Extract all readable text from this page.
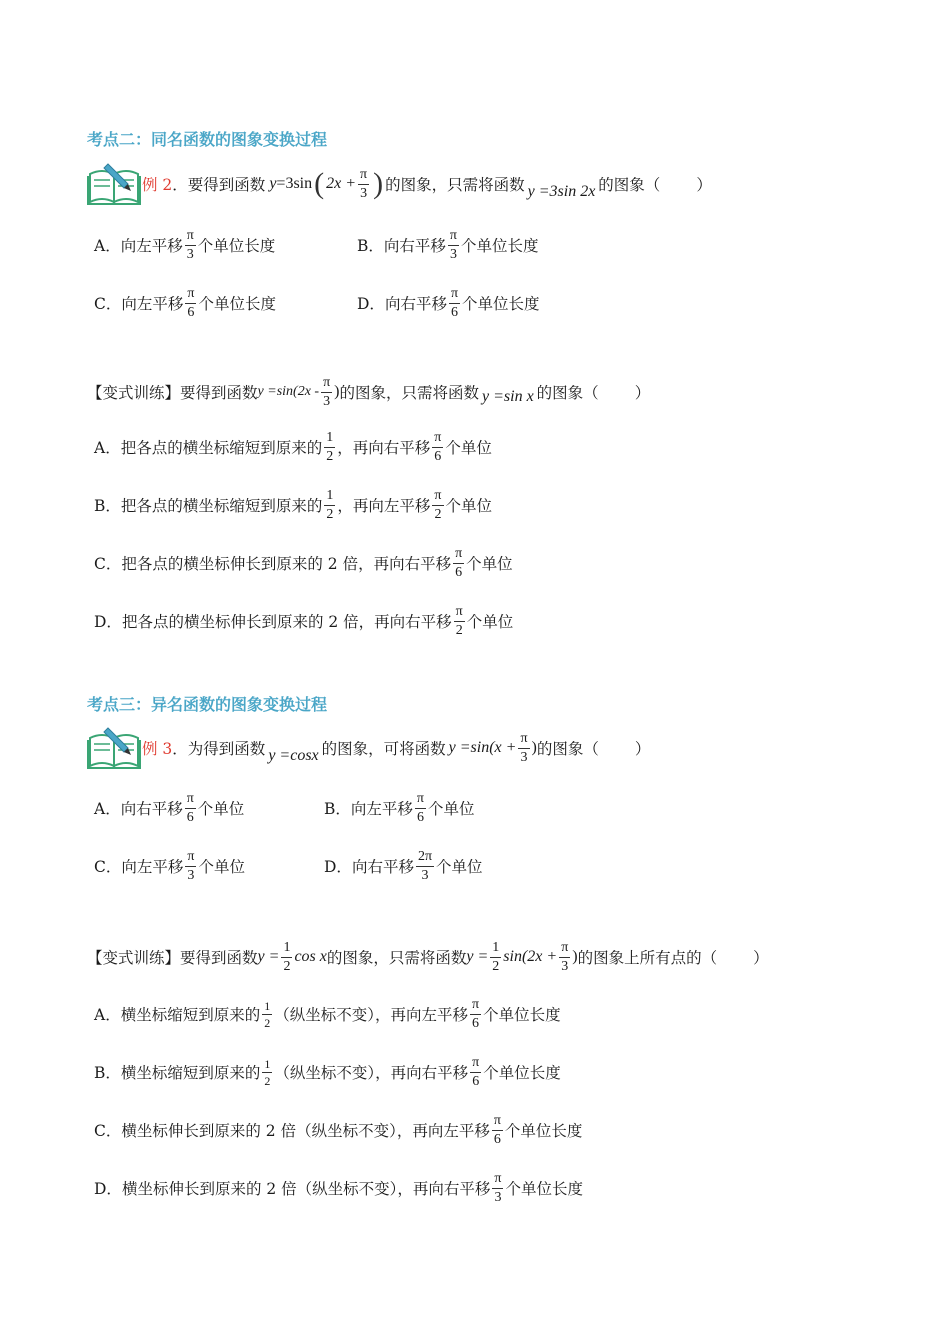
考点二：同名函数的图象变换过程
例 2 ．要得到函数 y =3sin ( $2x + \frac{\pi}{3}$ ) 的图象，只需将函数 y =3sin 2x 的图象（ ）
A． 向左平移 $\frac{\pi}{3}$ 个单位长度	B． 向右平移 $\frac{\pi}{3}$ 个单位长度
C． 向左平移 $\frac{\pi}{6}$ 个单位长度	D． 向右平移 $\frac{\pi}{6}$ 个单位长度
【变式训练】 要得到函数 $y =\sin(2x - \frac{\pi}{3}$ ) 的图象，只需将函数 y =sin x 的图象（ ）
A． 把各点的横坐标缩短到原来的 $\frac{1}{2}$ ，再向右平移 $\frac{\pi}{6}$ 个单位
B． 把各点的横坐标缩短到原来的 $\frac{1}{2}$ ，再向左平移 $\frac{\pi}{2}$ 个单位
C． 把各点的横坐标伸长到原来的 2 倍，再向右平移 $\frac{\pi}{6}$ 个单位
D． 把各点的横坐标伸长到原来的 2 倍，再向右平移 $\frac{\pi}{2}$ 个单位
考点三：异名函数的图象变换过程
例 3 ．为得到函数 y =cosx 的图象，可将函数 $y =\sin(x + \frac{\pi}{3}$ ) 的图象（ ）
A． 向右平移 $\frac{\pi}{6}$ 个单位	B． 向左平移 $\frac{\pi}{6}$ 个单位
C． 向左平移 $\frac{\pi}{3}$ 个单位	D． 向右平移 $\frac{2\pi}{3}$ 个单位
【变式训练】 要得到函数 $y = \frac{1}{2}$ cos x 的图象，只需将函数 $y = \frac{1}{2} \sin(2x + \frac{\pi}{3}$ ) 的图象上所有点的（ ）
A． 横坐标缩短到原来的 $\frac{1}{2}$ （纵坐标不变），再向左平移 $\frac{\pi}{6}$ 个单位长度
B． 横坐标缩短到原来的 $\frac{1}{2}$ （纵坐标不变），再向右平移 $\frac{\pi}{6}$ 个单位长度
C． 横坐标伸长到原来的 2 倍（纵坐标不变），再向左平移 $\frac{\pi}{6}$ 个单位长度
D． 横坐标伸长到原来的 2 倍（纵坐标不变），再向右平移 $\frac{\pi}{3}$ 个单位长度
